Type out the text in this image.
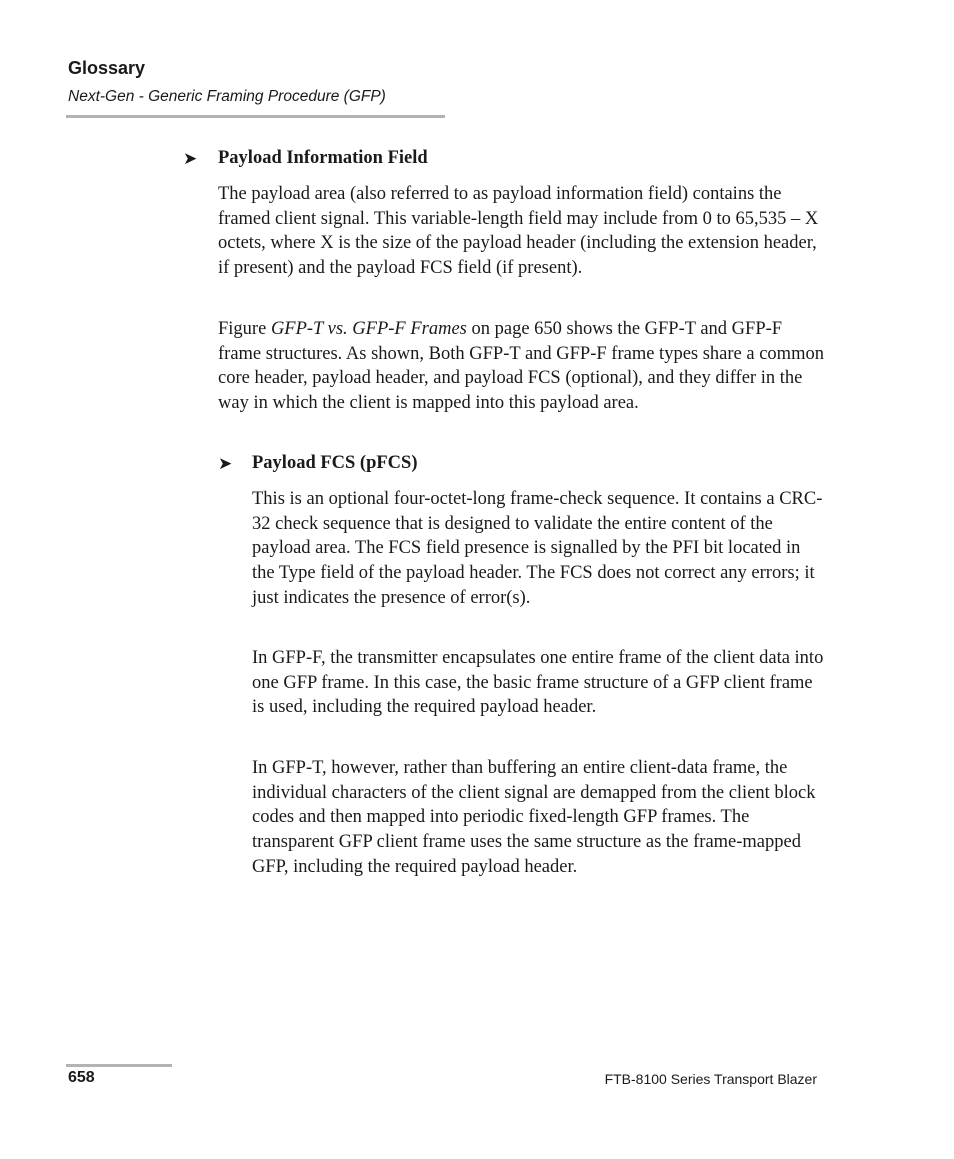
Glossary
Next-Gen - Generic Framing Procedure (GFP)
➤ Payload Information Field

The payload area (also referred to as payload information field) contains the framed client signal. This variable-length field may include from 0 to 65,535 – X octets, where X is the size of the payload header (including the extension header, if present) and the payload FCS field (if present).

Figure GFP-T vs. GFP-F Frames on page 650 shows the GFP-T and GFP-F frame structures. As shown, Both GFP-T and GFP-F frame types share a common core header, payload header, and payload FCS (optional), and they differ in the way in which the client is mapped into this payload area.

➤ Payload FCS (pFCS)

This is an optional four-octet-long frame-check sequence. It contains a CRC-32 check sequence that is designed to validate the entire content of the payload area. The FCS field presence is signalled by the PFI bit located in the Type field of the payload header. The FCS does not correct any errors; it just indicates the presence of error(s).

In GFP-F, the transmitter encapsulates one entire frame of the client data into one GFP frame. In this case, the basic frame structure of a GFP client frame is used, including the required payload header.

In GFP-T, however, rather than buffering an entire client-data frame, the individual characters of the client signal are demapped from the client block codes and then mapped into periodic fixed-length GFP frames. The transparent GFP client frame uses the same structure as the frame-mapped GFP, including the required payload header.

658	FTB-8100 Series Transport Blazer
